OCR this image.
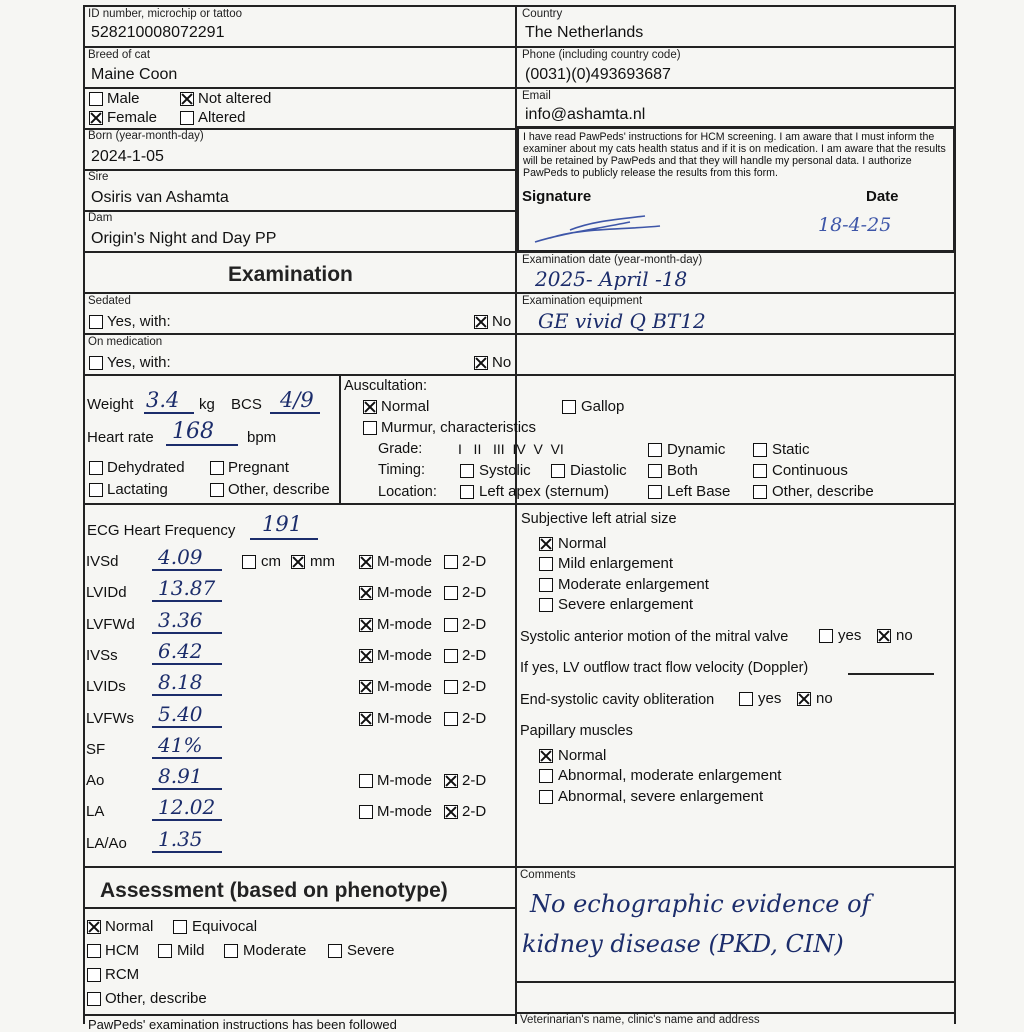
ID number, microchip or tattoo
528210008072291
Country
The Netherlands
Breed of cat
Maine Coon
Phone (including country code)
(0031)(0)493693687
Male	Not altered
Female	Altered
Email
info@ashamta.nl
Born (year-month-day)
2024-1-05
Sire
Osiris van Ashamta
Dam
Origin's Night and Day PP
I have read PawPeds' instructions for HCM screening. I am aware that I must inform the examiner about my cats health status and if it is on medication. I am aware that the results will be retained by PawPeds and that they will handle my personal data. I authorize PawPeds to publicly release the results from this form.
Signature	Date
18-4-25
Examination
Examination date (year-month-day)
2025- April -18
Sedated
Yes, with:	No
Examination equipment
GE vivid Q BT12
On medication
Yes, with:	No
Weight 3.4 kg BCS 4/9
Heart rate 168 bpm
Dehydrated	Pregnant
Lactating	Other, describe
Auscultation:
Normal	Gallop
Murmur, characteristics
Grade:	I   II   III  IV  V  VI	Dynamic	Static
Timing:	Systolic	Diastolic	Both	Continuous
Location:	Left apex (sternum)	Left Base	Other, describe
ECG Heart Frequency 191
IVSd 4.09	cm mm	M-mode 2-D
LVIDd 13.87	M-mode 2-D
LVFWd 3.36	M-mode 2-D
IVSs 6.42	M-mode 2-D
LVIDs 8.18	M-mode 2-D
LVFWs 5.40	M-mode 2-D
SF	41%
Ao	8.91	M-mode 2-D
LA	12.02	M-mode 2-D
LA/Ao 1.35
Subjective left atrial size
Normal
Mild enlargement
Moderate enlargement
Severe enlargement
Systolic anterior motion of the mitral valve	yes no
If yes, LV outflow tract flow velocity (Doppler)
End-systolic cavity obliteration	yes no
Papillary muscles
Normal
Abnormal, moderate enlargement
Abnormal, severe enlargement
Assessment (based on phenotype)
Normal	Equivocal
HCM	Mild	Moderate	Severe
RCM
Other, describe
Comments
No echographic evidence of
kidney disease (PKD, CIN)
PawPeds' examination instructions has been followed	Veterinarian's name, clinic's name and address
